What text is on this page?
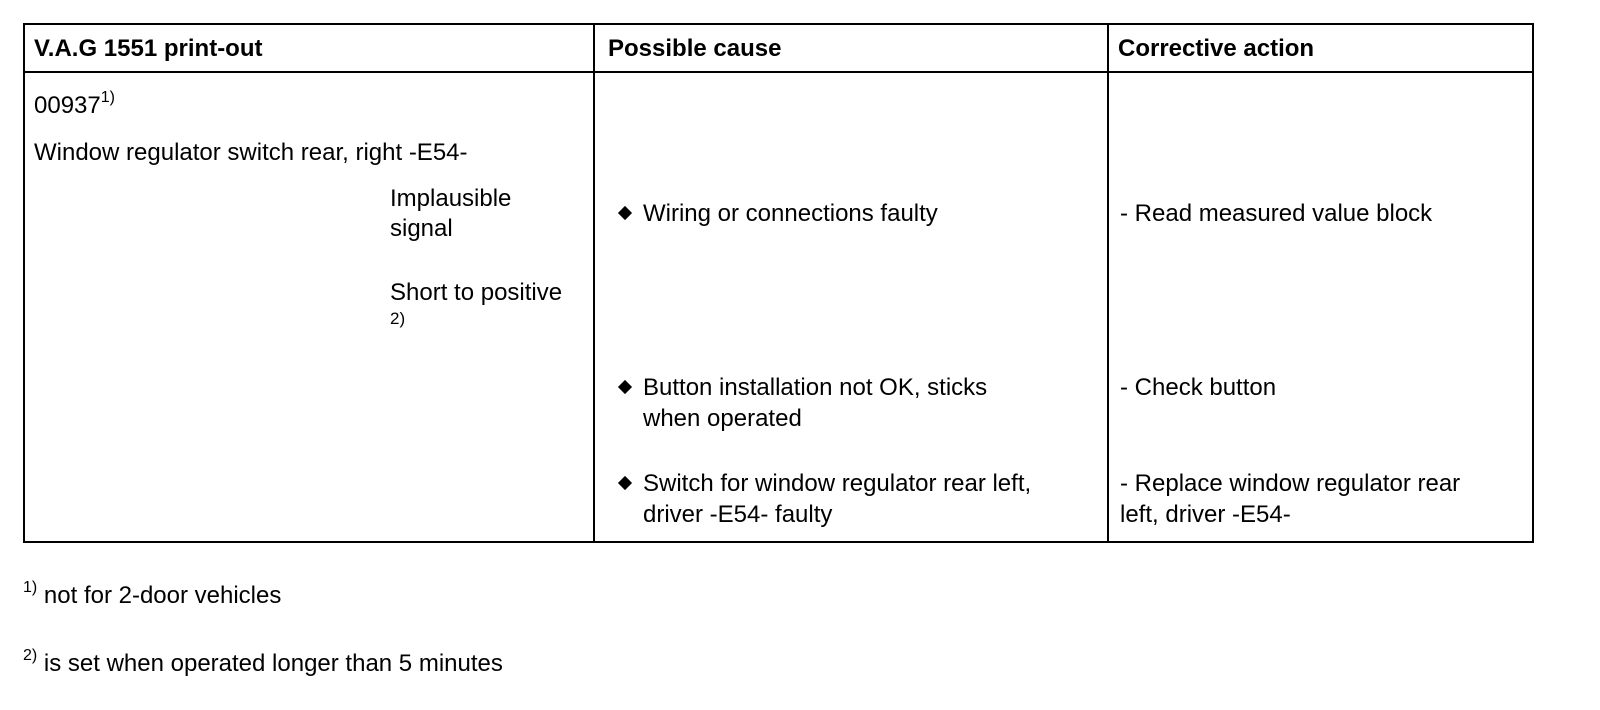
V.A.G 1551 print-out	Possible cause	Corrective action
00937$^{1)}$
Window regulator switch rear, right -E54-
Implausible
signal
Short to positive
2)
Wiring or connections faulty
Button installation not OK, sticks
when operated
Switch for window regulator rear left,
driver -E54- faulty
- Read measured value block
- Check button
- Replace window regulator rear
left, driver -E54-
$^{1)}$ not for 2-door vehicles
$^{2)}$ is set when operated longer than 5 minutes
